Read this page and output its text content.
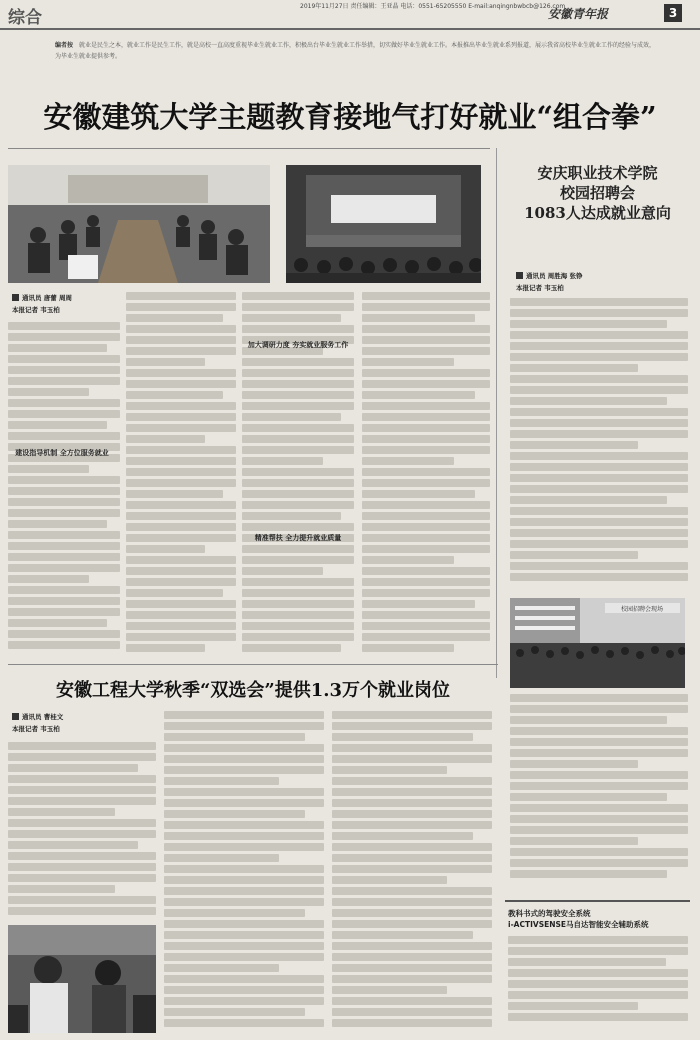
综合
2019年11月27日 责任编辑：王亚晶 电话：0551-65205550 E-mail:anqingnbwbcb@126.com
安徽青年报	3
编者按 就业是民生之本，就业工作是民生工作，就是高校一直高度重视毕业生就业工作，积极出台毕业生就业工作举措，切实做好毕业生就业工作。本报推出毕业生就业系列报道，展示我省高校毕业生就业工作的经验与成效，为毕业生就业提供参考。
安徽建筑大学主题教育接地气打好就业“组合拳”
通讯员 唐蕾 周周
本报记者 韦玉柏
建设指导机制 全方位服务就业
加大调研力度 夯实就业服务工作
精准帮扶 全力提升就业质量
安庆职业技术学院
校园招聘会
1083人达成就业意向
通讯员 周胜海 张铮
本报记者 韦玉柏
校园招聘会现场
安徽工程大学秋季“双选会”提供1.3万个就业岗位
通讯员 曹桂文
本报记者 韦玉柏
教科书式的驾驶安全系统
i-ACTIVSENSE马自达智能安全辅助系统
